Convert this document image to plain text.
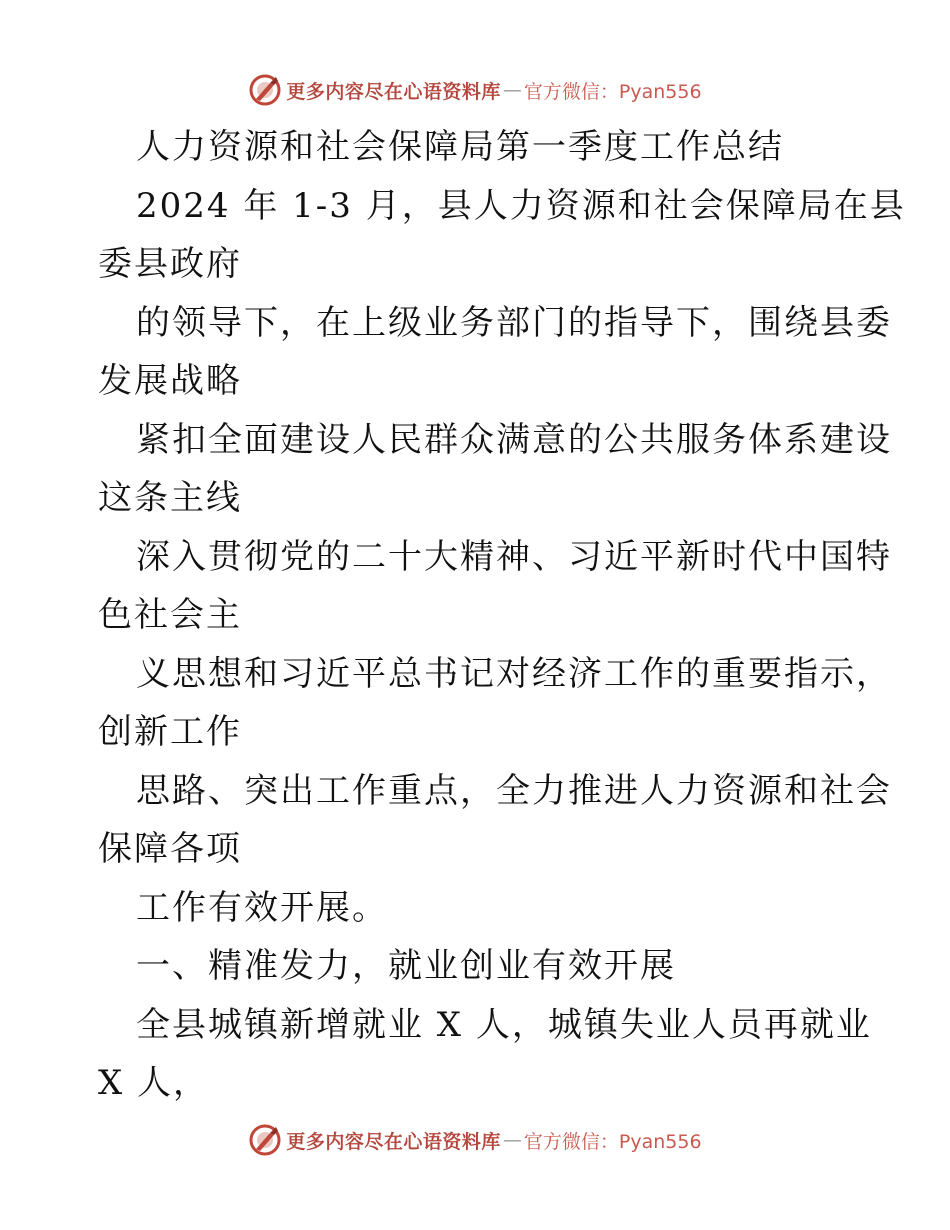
更多内容尽在心语资料库 — 官方微信：Pyan556
人力资源和社会保障局第一季度工作总结
2024 年 1-3 月，县人力资源和社会保障局在县
委县政府
的领导下，在上级业务部门的指导下，围绕县委
发展战略
紧扣全面建设人民群众满意的公共服务体系建设
这条主线
深入贯彻党的二十大精神、习近平新时代中国特
色社会主
义思想和习近平总书记对经济工作的重要指示，
创新工作
思路、突出工作重点，全力推进人力资源和社会
保障各项
工作有效开展。
一、精准发力，就业创业有效开展
全县城镇新增就业 X 人，城镇失业人员再就业
X 人，
更多内容尽在心语资料库 — 官方微信：Pyan556
